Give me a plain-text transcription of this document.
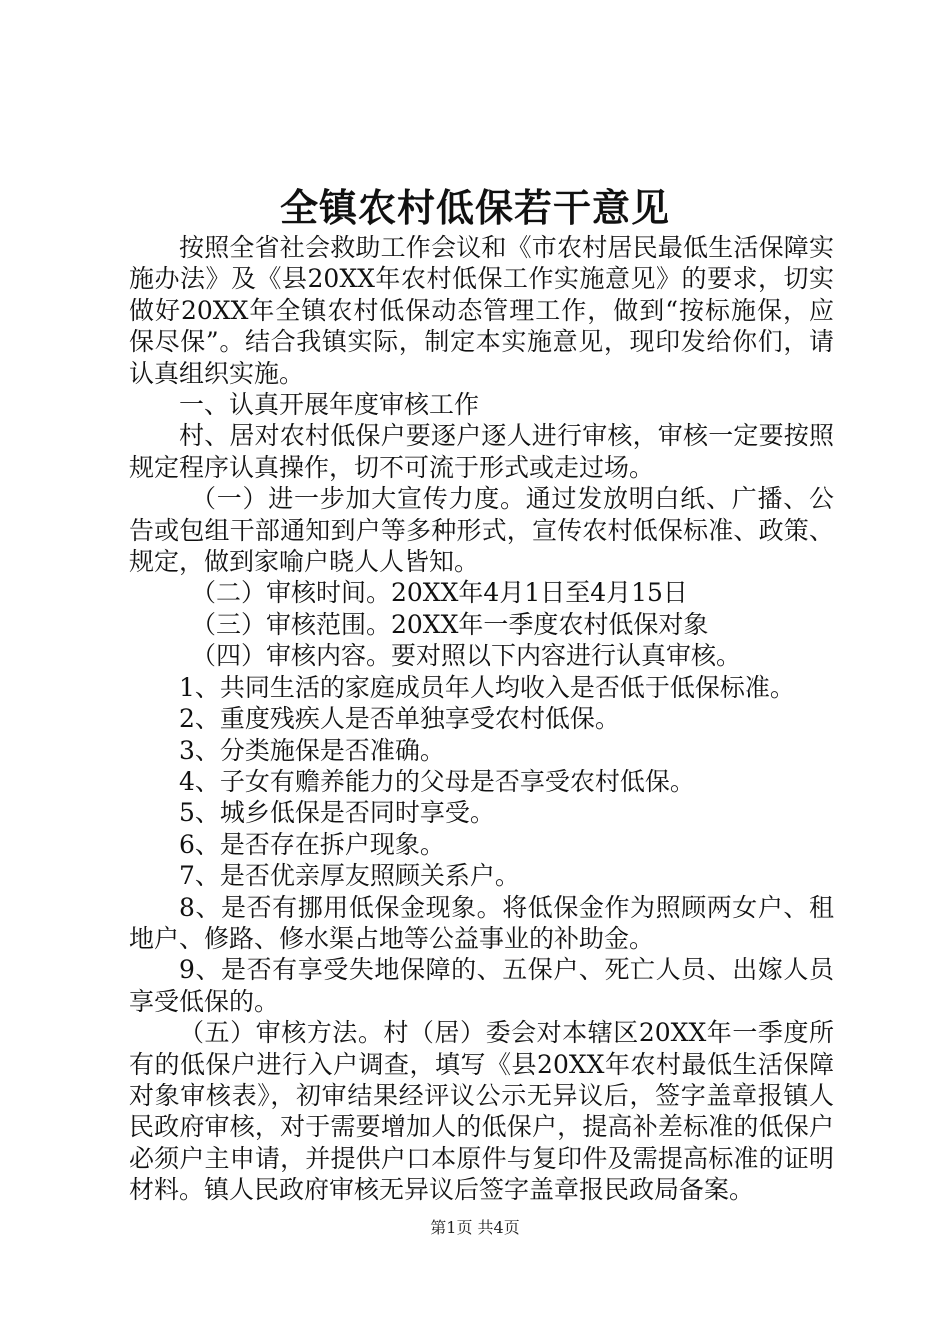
全镇农村低保若干意见

按照全省社会救助工作会议和《市农村居民最低生活保障实施办法》及《县20XX年农村低保工作实施意见》的要求，切实做好20XX年全镇农村低保动态管理工作，做到“按标施保，应保尽保”。结合我镇实际，制定本实施意见，现印发给你们，请认真组织实施。

一、认真开展年度审核工作

村、居对农村低保户要逐户逐人进行审核，审核一定要按照规定程序认真操作，切不可流于形式或走过场。

（一）进一步加大宣传力度。通过发放明白纸、广播、公告或包组干部通知到户等多种形式，宣传农村低保标准、政策、规定，做到家喻户晓人人皆知。

（二）审核时间。20XX年4月1日至4月15日

（三）审核范围。20XX年一季度农村低保对象

（四）审核内容。要对照以下内容进行认真审核。

1、共同生活的家庭成员年人均收入是否低于低保标准。

2、重度残疾人是否单独享受农村低保。

3、分类施保是否准确。

4、子女有赡养能力的父母是否享受农村低保。

5、城乡低保是否同时享受。

6、是否存在拆户现象。

7、是否优亲厚友照顾关系户。

8、是否有挪用低保金现象。将低保金作为照顾两女户、租地户、修路、修水渠占地等公益事业的补助金。

9、是否有享受失地保障的、五保户、死亡人员、出嫁人员享受低保的。

（五）审核方法。村（居）委会对本辖区20XX年一季度所有的低保户进行入户调查，填写《县20XX年农村最低生活保障对象审核表》，初审结果经评议公示无异议后，签字盖章报镇人民政府审核，对于需要增加人的低保户，提高补差标准的低保户必须户主申请，并提供户口本原件与复印件及需提高标准的证明材料。镇人民政府审核无异议后签字盖章报民政局备案。

第1页 共4页
